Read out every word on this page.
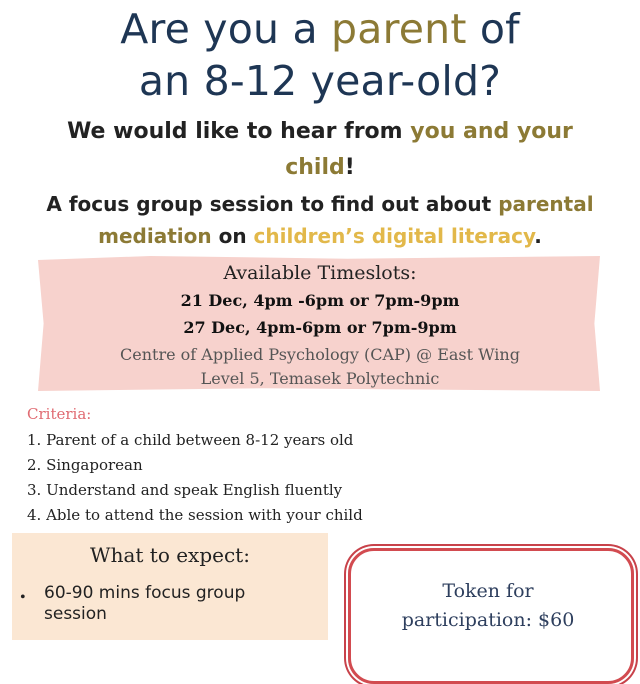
Are you a parent of
an 8-12 year-old?
We would like to hear from you and your
child!
A focus group session to find out about parental
mediation on children’s digital literacy.
Available Timeslots:
21 Dec, 4pm -6pm or 7pm-9pm
27 Dec, 4pm-6pm or 7pm-9pm
Centre of Applied Psychology (CAP) @ East Wing
Level 5, Temasek Polytechnic
Criteria:
1. Parent of a child between 8-12 years old
2. Singaporean
3. Understand and speak English fluently
4. Able to attend the session with your child
What to expect:
• 60-90 mins focus group
session
Token for
participation: $60
